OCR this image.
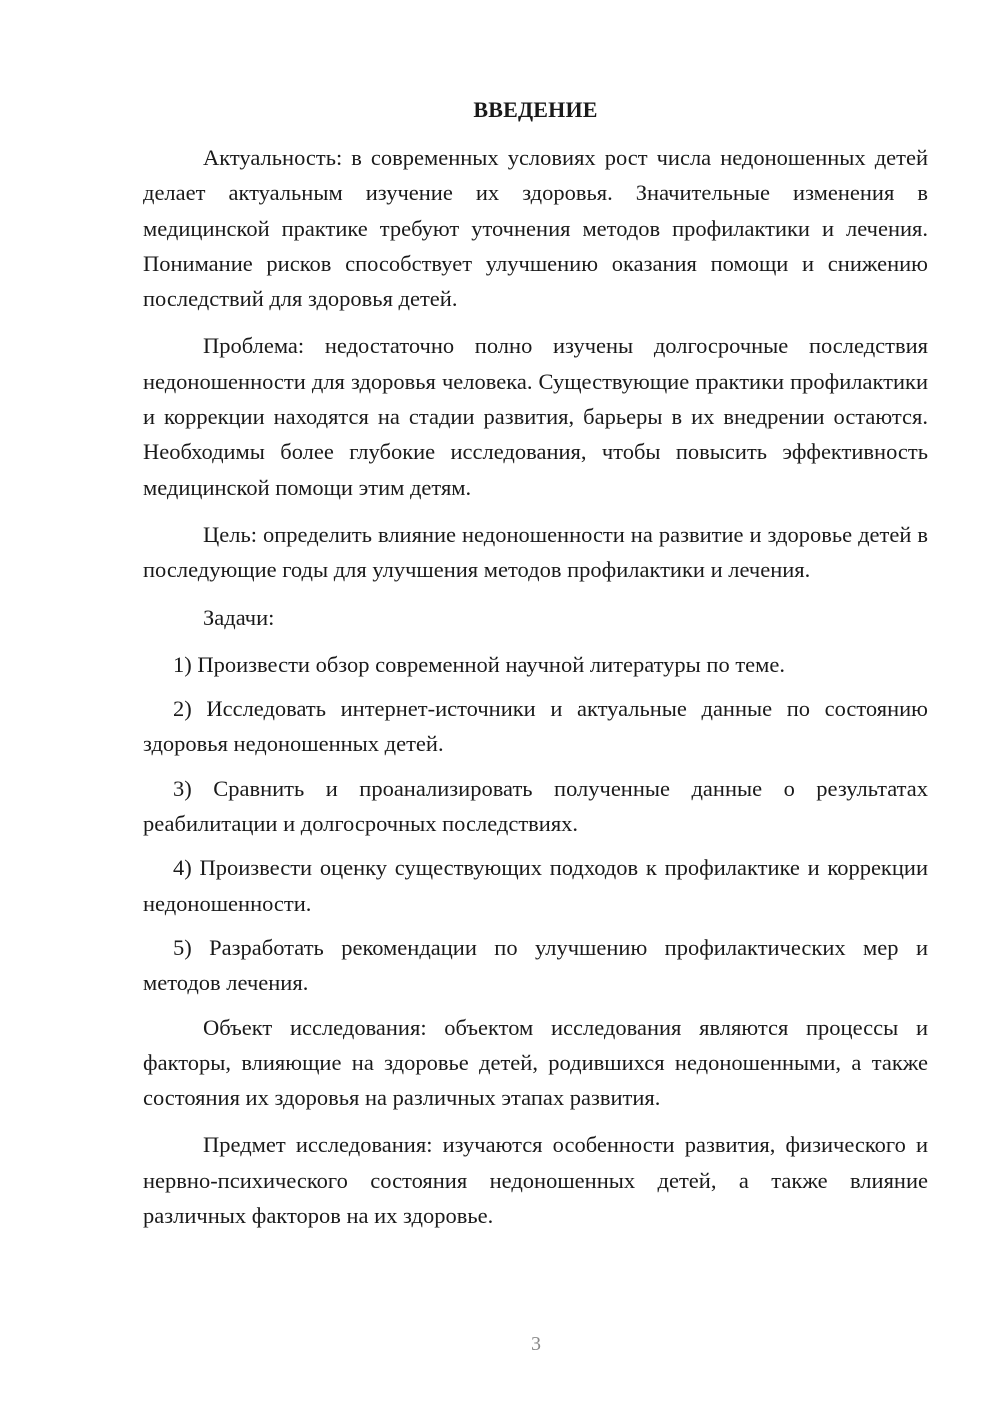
ВВЕДЕНИЕ

Актуальность: в современных условиях рост числа недоношенных детей делает актуальным изучение их здоровья. Значительные изменения в медицинской практике требуют уточнения методов профилактики и лечения. Понимание рисков способствует улучшению оказания помощи и снижению последствий для здоровья детей.

Проблема: недостаточно полно изучены долгосрочные последствия недоношенности для здоровья человека. Существующие практики профилактики и коррекции находятся на стадии развития, барьеры в их внедрении остаются. Необходимы более глубокие исследования, чтобы повысить эффективность медицинской помощи этим детям.

Цель: определить влияние недоношенности на развитие и здоровье детей в последующие годы для улучшения методов профилактики и лечения.

Задачи:

1) Произвести обзор современной научной литературы по теме.

2) Исследовать интернет-источники и актуальные данные по состоянию здоровья недоношенных детей.

3) Сравнить и проанализировать полученные данные о результатах реабилитации и долгосрочных последствиях.

4) Произвести оценку существующих подходов к профилактике и коррекции недоношенности.

5) Разработать рекомендации по улучшению профилактических мер и методов лечения.

Объект исследования: объектом исследования являются процессы и факторы, влияющие на здоровье детей, родившихся недоношенными, а также состояния их здоровья на различных этапах развития.

Предмет исследования: изучаются особенности развития, физического и нервно-психического состояния недоношенных детей, а также влияние различных факторов на их здоровье.

3
